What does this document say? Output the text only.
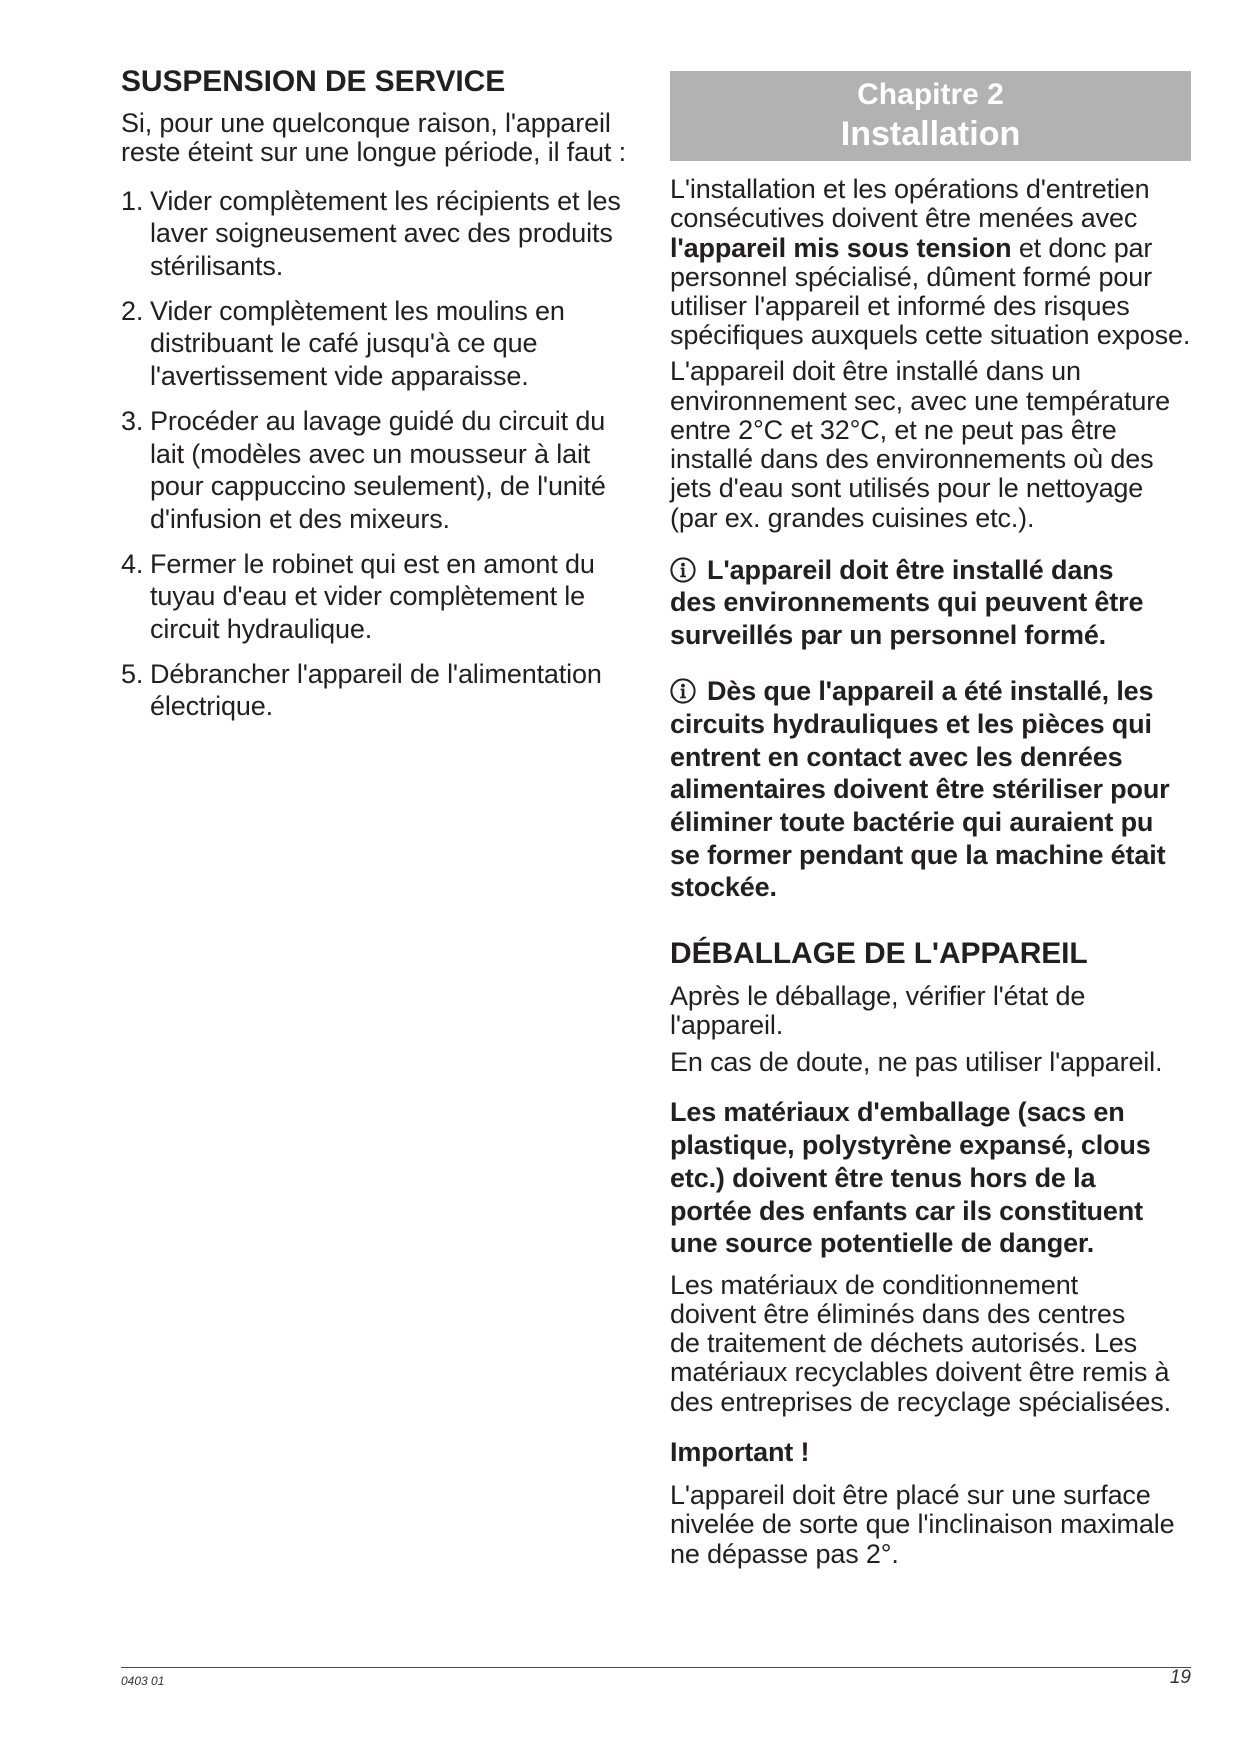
SUSPENSION DE SERVICE

Si, pour une quelconque raison, l'appareil
reste éteint sur une longue période, il faut :

1. Vider complètement les récipients et les
laver soigneusement avec des produits
stérilisants.
2. Vider complètement les moulins en
distribuant le café jusqu'à ce que
l'avertissement vide apparaisse.
3. Procéder au lavage guidé du circuit du
lait (modèles avec un mousseur à lait
pour cappuccino seulement), de l'unité
d'infusion et des mixeurs.
4. Fermer le robinet qui est en amont du
tuyau d'eau et vider complètement le
circuit hydraulique.
5. Débrancher l'appareil de l'alimentation
électrique.
Chapitre 2
Installation

L'installation et les opérations d'entretien
consécutives doivent être menées avec
l'appareil mis sous tension et donc par
personnel spécialisé, dûment formé pour
utiliser l'appareil et informé des risques
spécifiques auxquels cette situation expose.

L'appareil doit être installé dans un
environnement sec, avec une température
entre 2°C et 32°C, et ne peut pas être
installé dans des environnements où des
jets d'eau sont utilisés pour le nettoyage
(par ex. grandes cuisines etc.).

L'appareil doit être installé dans
des environnements qui peuvent être
surveillés par un personnel formé.

Dès que l'appareil a été installé, les
circuits hydrauliques et les pièces qui
entrent en contact avec les denrées
alimentaires doivent être stériliser pour
éliminer toute bactérie qui auraient pu
se former pendant que la machine était
stockée.

DÉBALLAGE DE L'APPAREIL

Après le déballage, vérifier l'état de
l'appareil.

En cas de doute, ne pas utiliser l'appareil.

Les matériaux d'emballage (sacs en
plastique, polystyrène expansé, clous
etc.) doivent être tenus hors de la
portée des enfants car ils constituent
une source potentielle de danger.

Les matériaux de conditionnement
doivent être éliminés dans des centres
de traitement de déchets autorisés. Les
matériaux recyclables doivent être remis à
des entreprises de recyclage spécialisées.

Important !

L'appareil doit être placé sur une surface
nivelée de sorte que l'inclinaison maximale
ne dépasse pas 2°.

0403 01	19
